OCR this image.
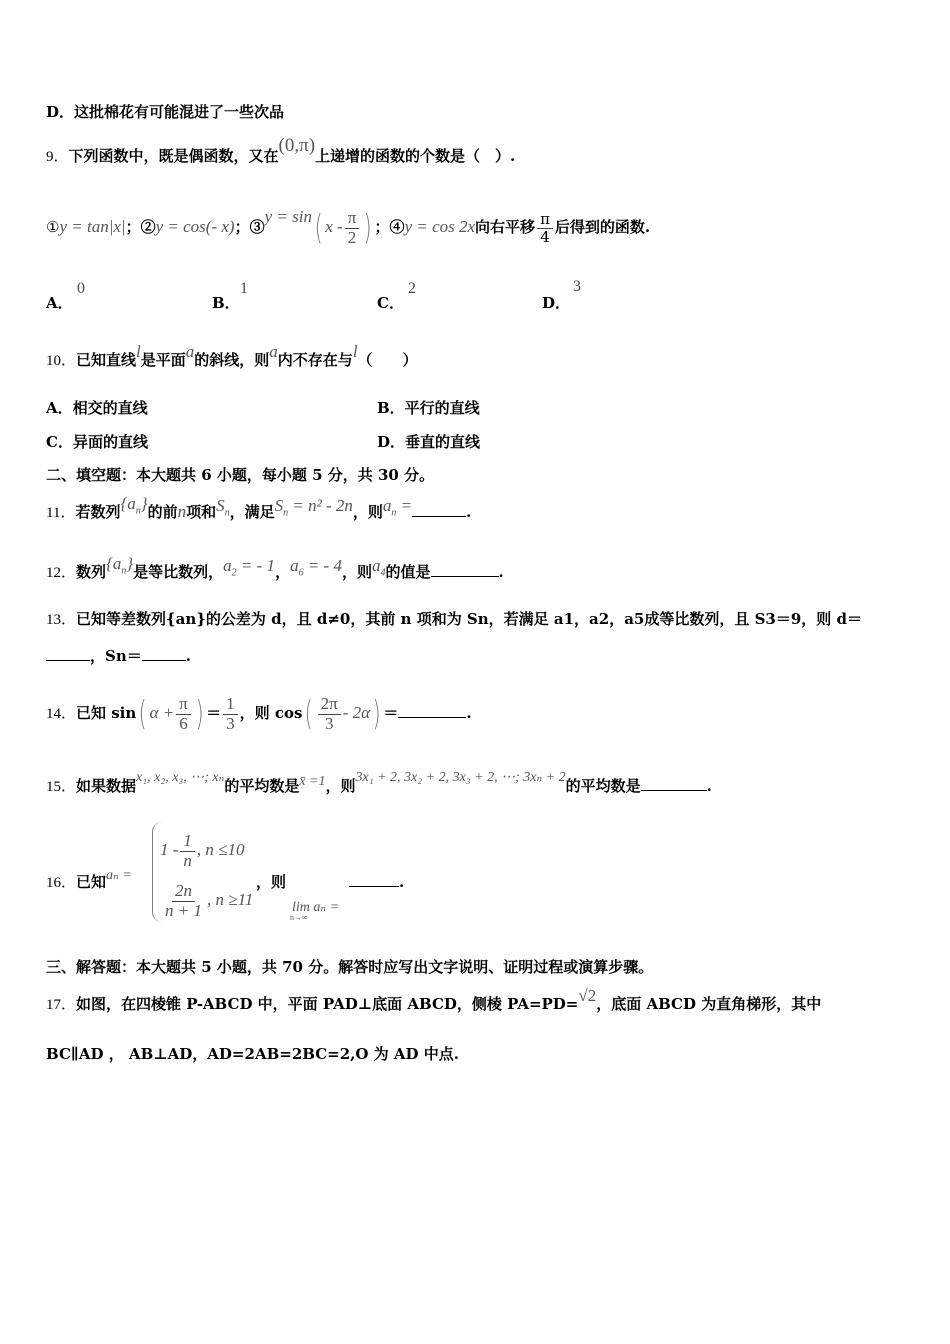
D．这批棉花有可能混进了一些次品
9．下列函数中，既是偶函数，又在(0,π)上递增的函数的个数是（　）.
①y = tan|x|；②y = cos(- x)；③y = sin( x - $\frac{\pi}{2}$ ) ；④y = cos 2x向右平移 $\frac{\pi}{4}$ 后得到的函数.
A．
0
B．
1
C．
2
D．
3
10．已知直线l是平面a的斜线，则a内不存在与l（　　）
A．相交的直线	B．平行的直线
C．异面的直线	D．垂直的直线
二、填空题：本大题共 6 小题，每小题 5 分，共 30 分。
11．若数列$\{a_n\}$的前n项和$S_n$，满足$S_n = n^2 - 2n$，则$a_n$ =	.
12．数列$\{a_n\}$是等比数列，$a_2$ = - 1，$a_6$ = - 4，则$a_4$的值是	.
13．已知等差数列{an}的公差为 d，且 d≠0，其前 n 项和为 Sn，若满足 a1，a2，a5成等比数列，且 S3＝9，则 d＝
，Sn＝	.
14．已知 sin( $\alpha + \frac{\pi}{6}$ ) ＝ $\frac{1}{3}$ ，则 $\cos( \frac{2\pi}{3} - 2\alpha)$ ＝	.
15．如果数据x₁, x₂, x₃, ⋯; xₙ的平均数是x̄ =1，则3x₁ + 2, 3x₂ + 2, 3x₃ + 2, ⋯; 3xₙ + 2的平均数是	.
16．已知aₙ =
$1 - \frac{1}{n}$ , n ≤10
$\frac{2n}{n + 1}$ , n ≥11
，则
lim aₙ =
n→∞
.
三、解答题：本大题共 5 小题，共 70 分。解答时应写出文字说明、证明过程或演算步骤。
17．如图，在四棱锥 P-ABCD 中，平面 PAD⊥底面 ABCD，侧棱 PA=PD=√2，底面 ABCD 为直角梯形，其中
BC∥AD ， AB⊥AD，AD=2AB=2BC=2,O 为 AD 中点.
